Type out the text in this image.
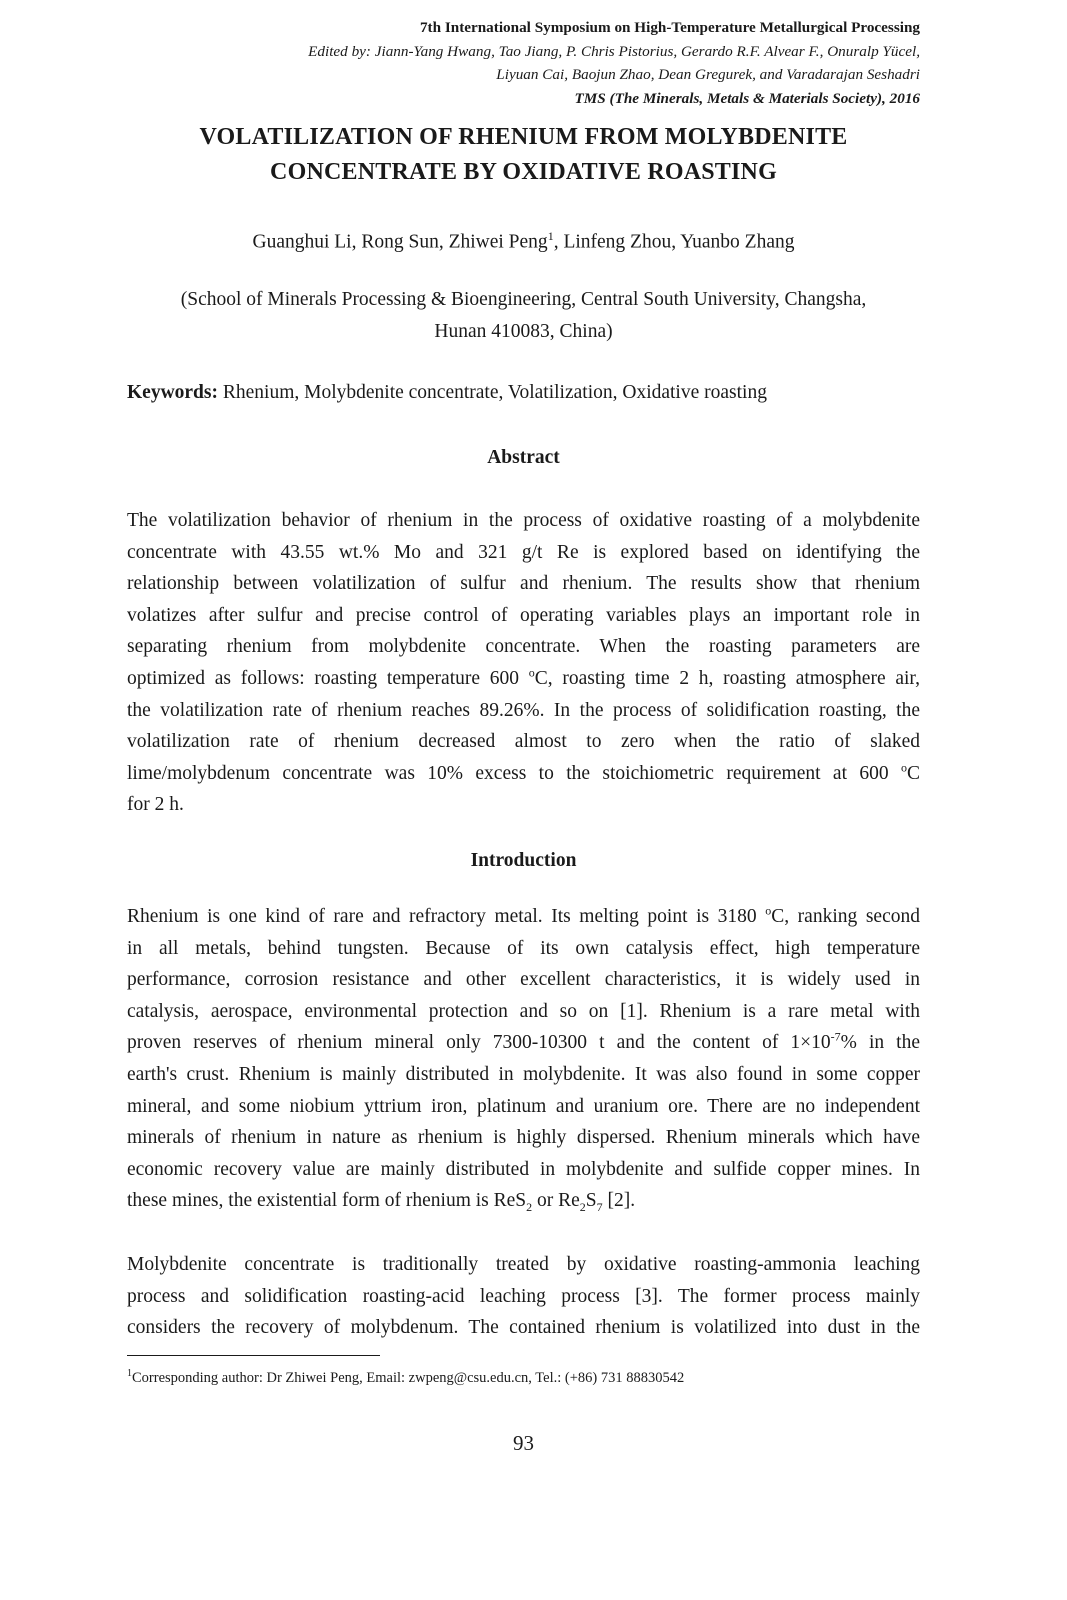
7th International Symposium on High-Temperature Metallurgical Processing
Edited by: Jiann-Yang Hwang, Tao Jiang, P. Chris Pistorius, Gerardo R.F. Alvear F., Onuralp Yücel,
Liyuan Cai, Baojun Zhao, Dean Gregurek, and Varadarajan Seshadri
TMS (The Minerals, Metals & Materials Society), 2016
VOLATILIZATION OF RHENIUM FROM MOLYBDENITE
CONCENTRATE BY OXIDATIVE ROASTING
Guanghui Li, Rong Sun, Zhiwei Peng$^1$, Linfeng Zhou, Yuanbo Zhang
(School of Minerals Processing & Bioengineering, Central South University, Changsha,
Hunan 410083, China)
Keywords: Rhenium, Molybdenite concentrate, Volatilization, Oxidative roasting
Abstract
The volatilization behavior of rhenium in the process of oxidative roasting of a molybdenite
concentrate with 43.55 wt.% Mo and 321 g/t Re is explored based on identifying the
relationship between volatilization of sulfur and rhenium. The results show that rhenium
volatizes after sulfur and precise control of operating variables plays an important role in
separating rhenium from molybdenite concentrate. When the roasting parameters are
optimized as follows: roasting temperature 600 $^o$C, roasting time 2 h, roasting atmosphere air,
the volatilization rate of rhenium reaches 89.26%. In the process of solidification roasting, the
volatilization rate of rhenium decreased almost to zero when the ratio of slaked
lime/molybdenum concentrate was 10% excess to the stoichiometric requirement at 600 $^o$C
for 2 h.
Introduction
Rhenium is one kind of rare and refractory metal. Its melting point is 3180 $^o$C, ranking second
in all metals, behind tungsten. Because of its own catalysis effect, high temperature
performance, corrosion resistance and other excellent characteristics, it is widely used in
catalysis, aerospace, environmental protection and so on [1]. Rhenium is a rare metal with
proven reserves of rhenium mineral only 7300-10300 t and the content of $1\times 10^{-7}\%$ in the
earth's crust. Rhenium is mainly distributed in molybdenite. It was also found in some copper
mineral, and some niobium yttrium iron, platinum and uranium ore. There are no independent
minerals of rhenium in nature as rhenium is highly dispersed. Rhenium minerals which have
economic recovery value are mainly distributed in molybdenite and sulfide copper mines. In
these mines, the existential form of rhenium is ReS$_2$ or $Re_2S_7$ [2].
Molybdenite concentrate is traditionally treated by oxidative roasting-ammonia leaching
process and solidification roasting-acid leaching process [3]. The former process mainly
considers the recovery of molybdenum. The contained rhenium is volatilized into dust in the
$^1$Corresponding author: Dr Zhiwei Peng, Email: zwpeng@csu.edu.cn, Tel.: (+86) 731 88830542
93
